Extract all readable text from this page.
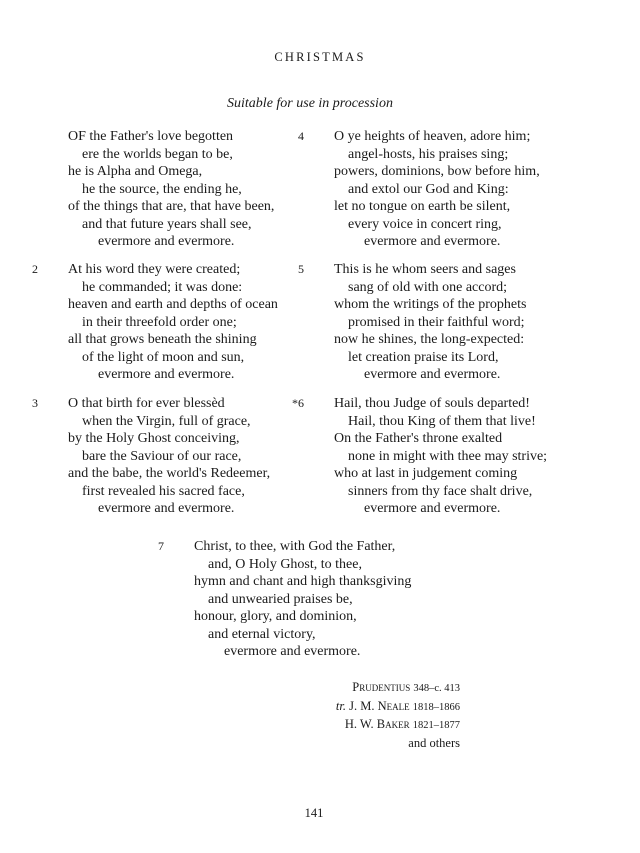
CHRISTMAS
Suitable for use in procession
OF the Father's love begotten
ere the worlds began to be,
he is Alpha and Omega,
he the source, the ending he,
of the things that are, that have been,
and that future years shall see,
evermore and evermore.
2 At his word they were created;
he commanded; it was done:
heaven and earth and depths of ocean
in their threefold order one;
all that grows beneath the shining
of the light of moon and sun,
evermore and evermore.
3 O that birth for ever blessèd
when the Virgin, full of grace,
by the Holy Ghost conceiving,
bare the Saviour of our race,
and the babe, the world's Redeemer,
first revealed his sacred face,
evermore and evermore.
4 O ye heights of heaven, adore him;
angel-hosts, his praises sing;
powers, dominions, bow before him,
and extol our God and King:
let no tongue on earth be silent,
every voice in concert ring,
evermore and evermore.
5 This is he whom seers and sages
sang of old with one accord;
whom the writings of the prophets
promised in their faithful word;
now he shines, the long-expected:
let creation praise its Lord,
evermore and evermore.
*6 Hail, thou Judge of souls departed!
Hail, thou King of them that live!
On the Father's throne exalted
none in might with thee may strive;
who at last in judgement coming
sinners from thy face shalt drive,
evermore and evermore.
7 Christ, to thee, with God the Father,
and, O Holy Ghost, to thee,
hymn and chant and high thanksgiving
and unwearied praises be,
honour, glory, and dominion,
and eternal victory,
evermore and evermore.
Prudentius 348–c. 413
tr. J. M. Neale 1818–1866
H. W. Baker 1821–1877
and others
141
